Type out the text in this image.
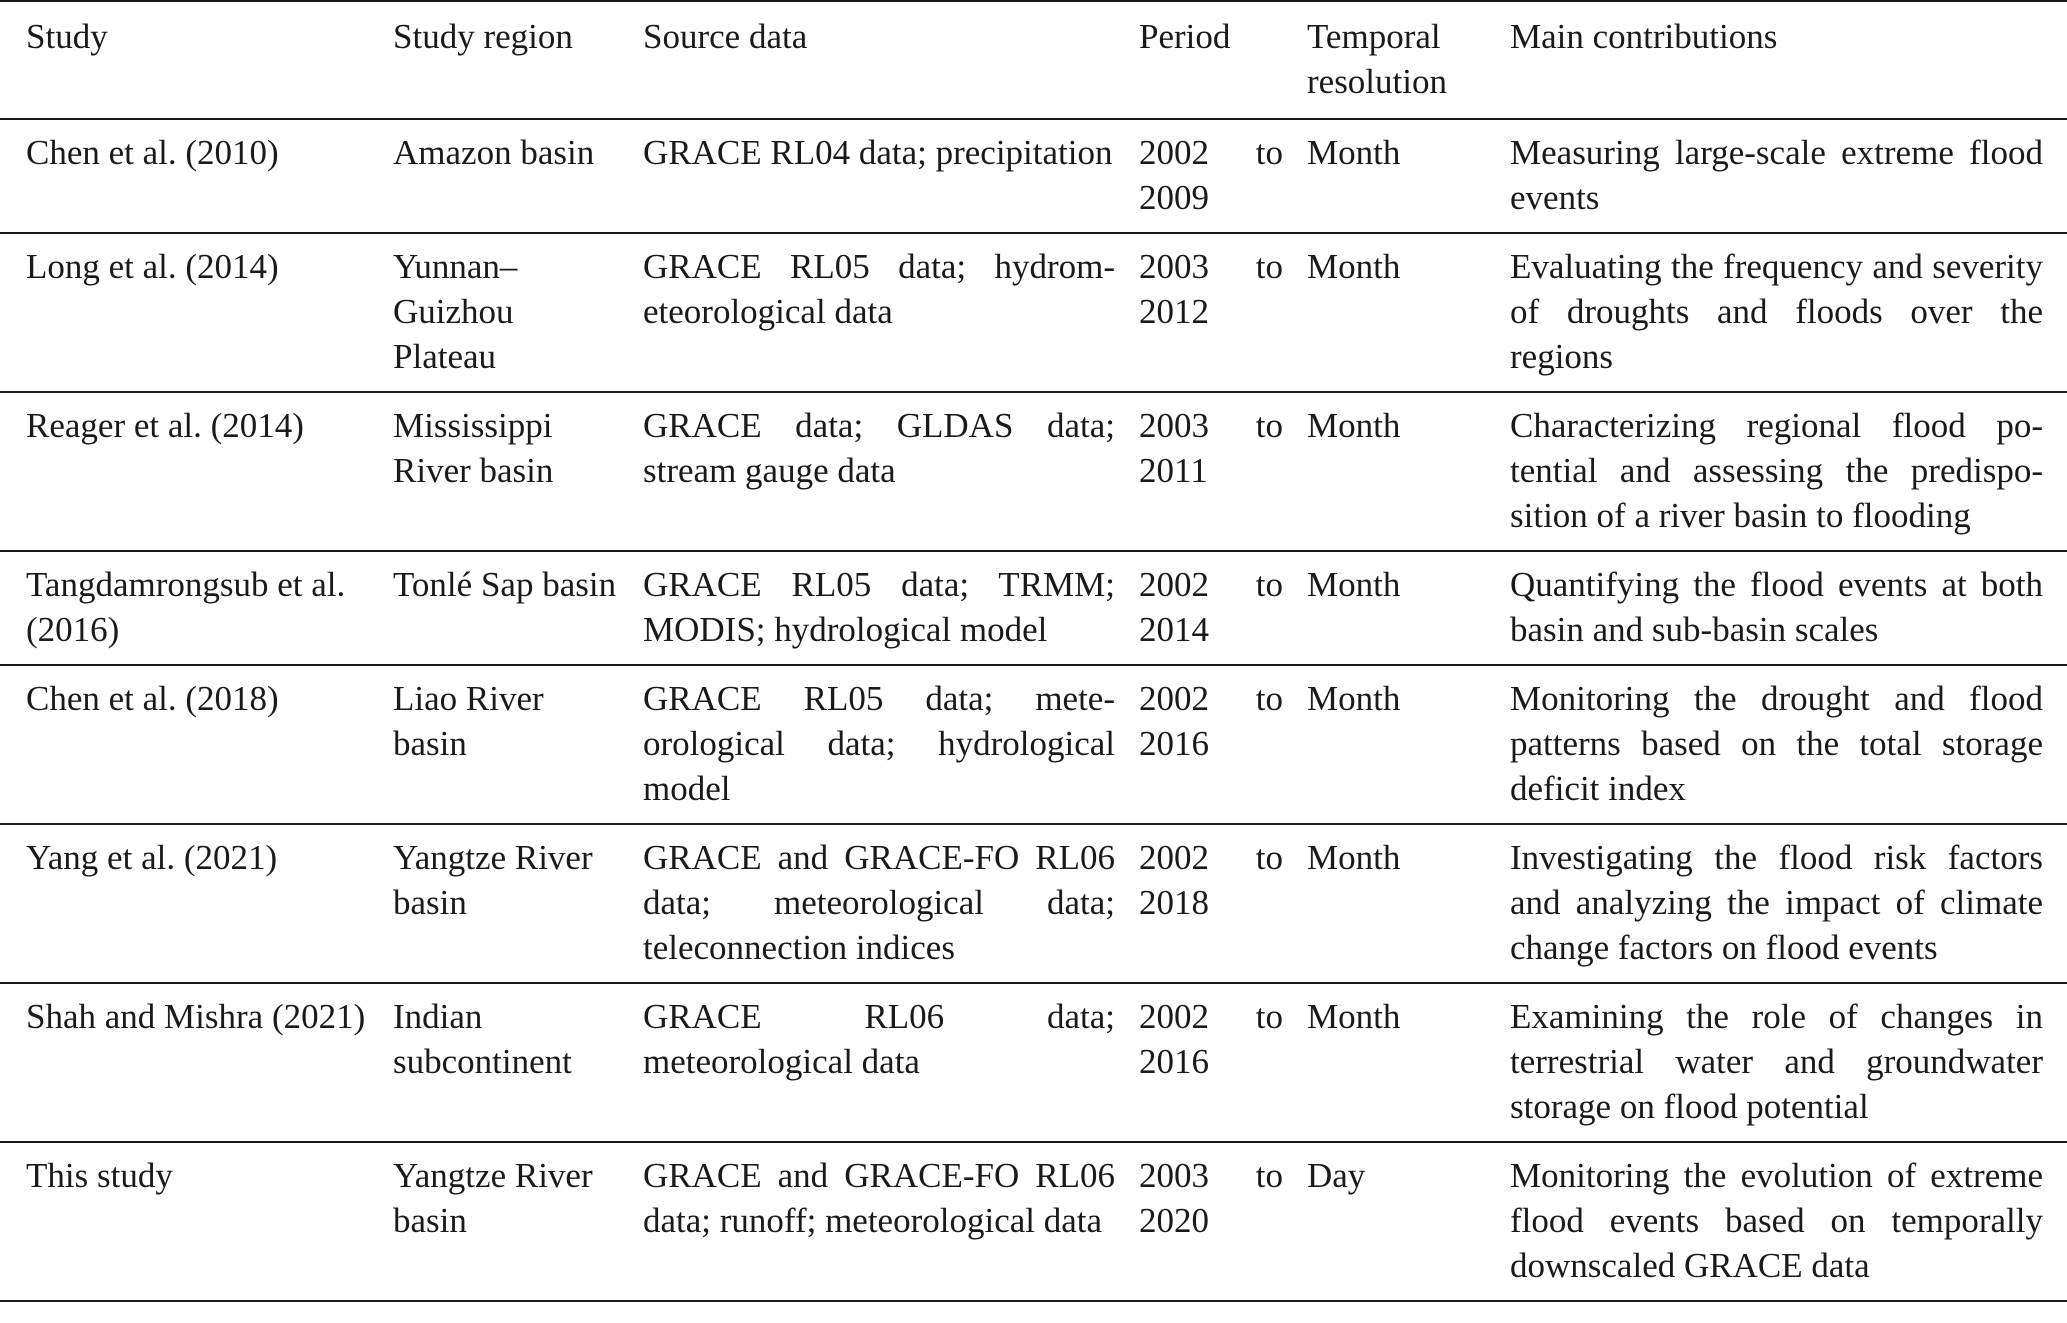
Study	Study region	Source data	Period	Temporal resolution	Main contributions
Chen et al. (2010)	Amazon basin	GRACE RL04 data; precipitation	2002 to 2009	Month	Measuring large-scale extreme flood events
Long et al. (2014)	Yunnan– Guizhou Plateau	GRACE RL05 data; hydrometeorological data	2003 to 2012	Month	Evaluating the frequency and severity of droughts and floods over the regions
Reager et al. (2014)	Mississippi River basin	GRACE data; GLDAS data; stream gauge data	2003 to 2011	Month	Characterizing regional flood potential and assessing the predisposition of a river basin to flooding
Tangdamrongsub et al. (2016)	Tonlé Sap basin	GRACE RL05 data; TRMM; MODIS; hydrological model	2002 to 2014	Month	Quantifying the flood events at both basin and sub-basin scales
Chen et al. (2018)	Liao River basin	GRACE RL05 data; meteorological data; hydrological model	2002 to 2016	Month	Monitoring the drought and flood patterns based on the total storage deficit index
Yang et al. (2021)	Yangtze River basin	GRACE and GRACE-FO RL06 data; meteorological data; teleconnection indices	2002 to 2018	Month	Investigating the flood risk factors and analyzing the impact of climate change factors on flood events
Shah and Mishra (2021)	Indian subcontinent	GRACE RL06 data; meteorological data	2002 to 2016	Month	Examining the role of changes in terrestrial water and groundwater storage on flood potential
This study	Yangtze River basin	GRACE and GRACE-FO RL06 data; runoff; meteorological data	2003 to 2020	Day	Monitoring the evolution of extreme flood events based on temporally downscaled GRACE data
